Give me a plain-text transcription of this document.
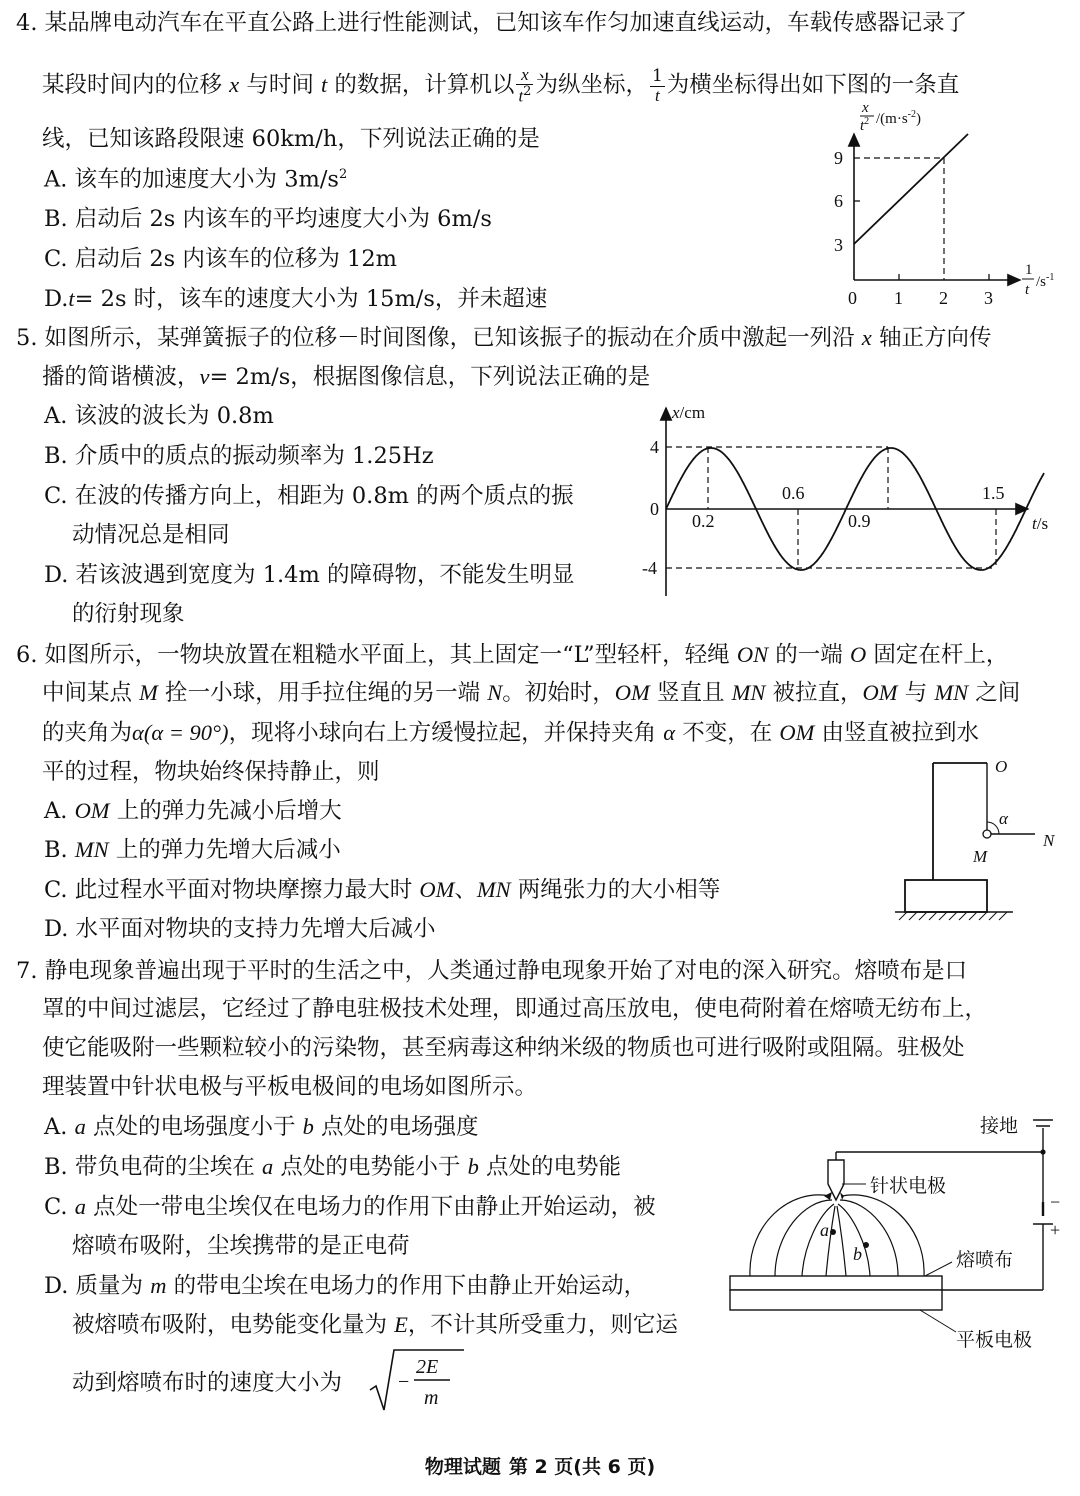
4. 某品牌电动汽车在平直公路上进行性能测试，已知该车作匀加速直线运动，车载传感器记录了
某段时间内的位移 x 与时间 t 的数据，计算机以 $\frac{x}{t^2}$ 为纵坐标， $\frac{1}{t}$ 为横坐标得出如下图的一条直
线，已知该路段限速 60km/h，下列说法正确的是
A. 该车的加速度大小为 $3m/s^2$
B. 启动后 2s 内该车的平均速度大小为 6m/s
C. 启动后 2s 内该车的位移为 12m
D.t= 2s 时，该车的速度大小为 15m/s，并未超速
x
$t^2$ $/(m\cdot s^{-2})$
9
6
3
0 1 2 3
1
t $/s^{-1}$
5. 如图所示，某弹簧振子的位移－时间图像，已知该振子的振动在介质中激起一列沿 x 轴正方向传
播的简谐横波，v= 2m/s，根据图像信息，下列说法正确的是
A. 该波的波长为 0.8m
B. 介质中的质点的振动频率为 1.25Hz
C. 在波的传播方向上，相距为 0.8m 的两个质点的振
动情况总是相同
D. 若该波遇到宽度为 1.4m 的障碍物，不能发生明显
的衍射现象
x/cm
t/s
4
0
-4
0.2
0.6
0.9
1.5
6. 如图所示，一物块放置在粗糙水平面上，其上固定一“L”型轻杆，轻绳 ON 的一端 O 固定在杆上，
中间某点 M 拴一小球，用手拉住绳的另一端 N。初始时，OM 竖直且 MN 被拉直，OM 与 MN 之间
的夹角为α(α = 90°)，现将小球向右上方缓慢拉起，并保持夹角 α 不变，在 OM 由竖直被拉到水
平的过程，物块始终保持静止，则
A. OM 上的弹力先减小后增大
B. MN 上的弹力先增大后减小
C. 此过程水平面对物块摩擦力最大时 OM、MN 两绳张力的大小相等
D. 水平面对物块的支持力先增大后减小
O
α
M
N
7. 静电现象普遍出现于平时的生活之中，人类通过静电现象开始了对电的深入研究。熔喷布是口
罩的中间过滤层，它经过了静电驻极技术处理，即通过高压放电，使电荷附着在熔喷无纺布上，
使它能吸附一些颗粒较小的污染物，甚至病毒这种纳米级的物质也可进行吸附或阻隔。驻极处
理装置中针状电极与平板电极间的电场如图所示。
A. a 点处的电场强度小于 b 点处的电场强度
B. 带负电荷的尘埃在 a 点处的电势能小于 b 点处的电势能
C. a 点处一带电尘埃仅在电场力的作用下由静止开始运动，被
熔喷布吸附，尘埃携带的是正电荷
D. 质量为 m 的带电尘埃在电场力的作用下由静止开始运动，
被熔喷布吸附，电势能变化量为 E，不计其所受重力，则它运
动到熔喷布时的速度大小为	−
2E
m
接地
−
+
针状电极
a
b	熔喷布
平板电极
物理试题 第 2 页(共 6 页)
